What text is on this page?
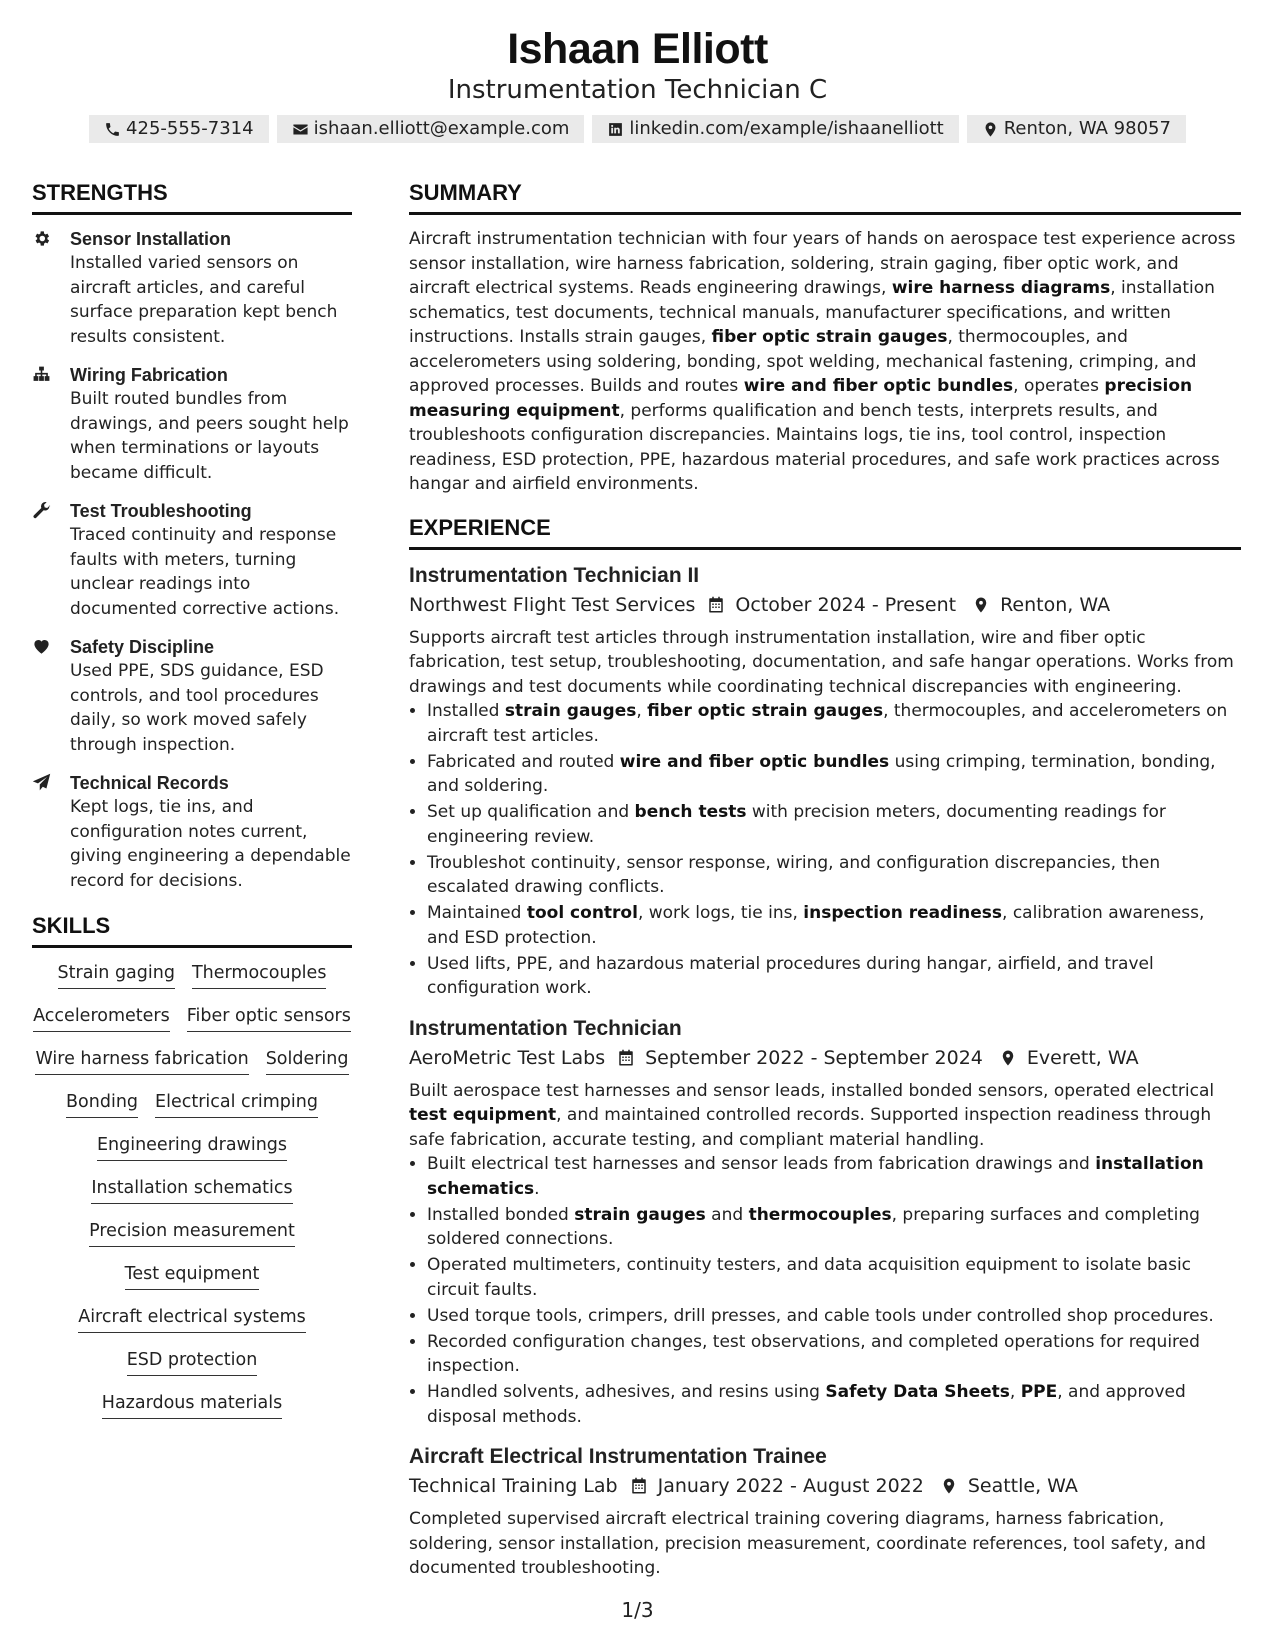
Ishaan Elliott
Instrumentation Technician C
425-555-7314	ishaan.elliott@example.com	linkedin.com/example/ishaanelliott	Renton, WA 98057
STRENGTHS
Sensor Installation
Installed varied sensors on aircraft articles, and careful surface preparation kept bench results consistent.
Wiring Fabrication
Built routed bundles from drawings, and peers sought help when terminations or layouts became difficult.
Test Troubleshooting
Traced continuity and response faults with meters, turning unclear readings into documented corrective actions.
Safety Discipline
Used PPE, SDS guidance, ESD controls, and tool procedures daily, so work moved safely through inspection.
Technical Records
Kept logs, tie ins, and configuration notes current, giving engineering a dependable record for decisions.
SKILLS
Strain gaging Thermocouples
Accelerometers Fiber optic sensors
Wire harness fabrication Soldering
Bonding Electrical crimping
Engineering drawings
Installation schematics
Precision measurement
Test equipment
Aircraft electrical systems
ESD protection
Hazardous materials
SUMMARY

Aircraft instrumentation technician with four years of hands on aerospace test experience across sensor installation, wire harness fabrication, soldering, strain gaging, fiber optic work, and aircraft electrical systems. Reads engineering drawings, wire harness diagrams, installation schematics, test documents, technical manuals, manufacturer specifications, and written instructions. Installs strain gauges, fiber optic strain gauges, thermocouples, and accelerometers using soldering, bonding, spot welding, mechanical fastening, crimping, and approved processes. Builds and routes wire and fiber optic bundles, operates precision measuring equipment, performs qualification and bench tests, interprets results, and troubleshoots configuration discrepancies. Maintains logs, tie ins, tool control, inspection readiness, ESD protection, PPE, hazardous material procedures, and safe work practices across hangar and airfield environments.

EXPERIENCE
Instrumentation Technician II
Northwest Flight Test Services October 2024 - Present Renton, WA

Supports aircraft test articles through instrumentation installation, wire and fiber optic fabrication, test setup, troubleshooting, documentation, and safe hangar operations. Works from drawings and test documents while coordinating technical discrepancies with engineering.

• Installed strain gauges, fiber optic strain gauges, thermocouples, and accelerometers on aircraft test articles.
• Fabricated and routed wire and fiber optic bundles using crimping, termination, bonding, and soldering.
• Set up qualification and bench tests with precision meters, documenting readings for engineering review.
• Troubleshot continuity, sensor response, wiring, and configuration discrepancies, then escalated drawing conflicts.
• Maintained tool control, work logs, tie ins, inspection readiness, calibration awareness, and ESD protection.
• Used lifts, PPE, and hazardous material procedures during hangar, airfield, and travel configuration work.
Instrumentation Technician
AeroMetric Test Labs September 2022 - September 2024 Everett, WA

Built aerospace test harnesses and sensor leads, installed bonded sensors, operated electrical test equipment, and maintained controlled records. Supported inspection readiness through safe fabrication, accurate testing, and compliant material handling.

• Built electrical test harnesses and sensor leads from fabrication drawings and installation schematics.
• Installed bonded strain gauges and thermocouples, preparing surfaces and completing soldered connections.
• Operated multimeters, continuity testers, and data acquisition equipment to isolate basic circuit faults.
• Used torque tools, crimpers, drill presses, and cable tools under controlled shop procedures.
• Recorded configuration changes, test observations, and completed operations for required inspection.
• Handled solvents, adhesives, and resins using Safety Data Sheets, PPE, and approved disposal methods.
Aircraft Electrical Instrumentation Trainee
Technical Training Lab January 2022 - August 2022 Seattle, WA

Completed supervised aircraft electrical training covering diagrams, harness fabrication, soldering, sensor installation, precision measurement, coordinate references, tool safety, and documented troubleshooting.

1/3
